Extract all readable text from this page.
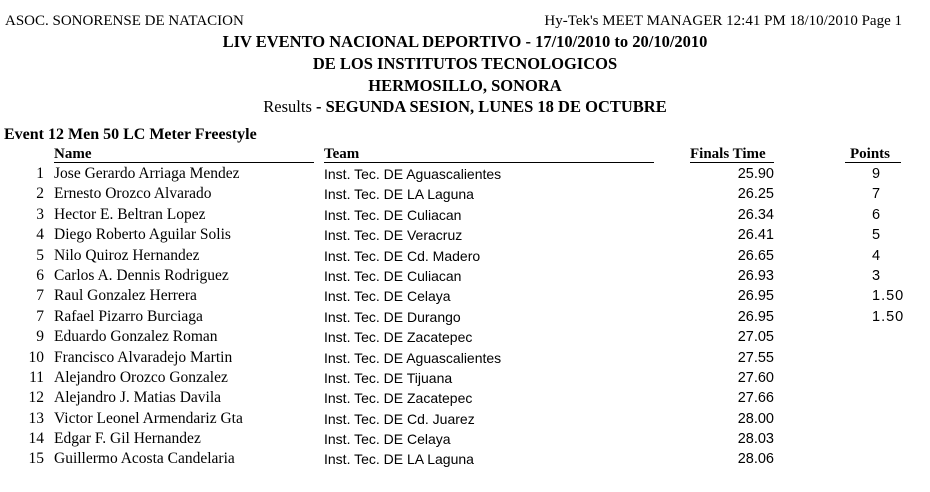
ASOC. SONORENSE DE NATACION	Hy-Tek's MEET MANAGER 12:41 PM 18/10/2010 Page 1
LIV EVENTO NACIONAL DEPORTIVO - 17/10/2010 to 20/10/2010
DE LOS INSTITUTOS TECNOLOGICOS
HERMOSILLO, SONORA
Results - SEGUNDA SESION, LUNES 18 DE OCTUBRE
Event 12 Men 50 LC Meter Freestyle
Name	Team	Finals Time	Points
1 Jose Gerardo Arriaga Mendez	Inst. Tec. DE Aguascalientes	25.90	9
2 Ernesto Orozco Alvarado	Inst. Tec. DE LA Laguna	26.25	7
3 Hector E. Beltran Lopez	Inst. Tec. DE Culiacan	26.34	6
4 Diego Roberto Aguilar Solis	Inst. Tec. DE Veracruz	26.41	5
5 Nilo Quiroz Hernandez	Inst. Tec. DE Cd. Madero	26.65	4
6 Carlos A. Dennis Rodriguez	Inst. Tec. DE Culiacan	26.93	3
7 Raul Gonzalez Herrera	Inst. Tec. DE Celaya	26.95	1.50
7 Rafael Pizarro Burciaga	Inst. Tec. DE Durango	26.95	1.50
9 Eduardo Gonzalez Roman	Inst. Tec. DE Zacatepec	27.05
10 Francisco Alvaradejo Martin	Inst. Tec. DE Aguascalientes	27.55
11 Alejandro Orozco Gonzalez	Inst. Tec. DE Tijuana	27.60
12 Alejandro J. Matias Davila	Inst. Tec. DE Zacatepec	27.66
13 Victor Leonel Armendariz Gta	Inst. Tec. DE Cd. Juarez	28.00
14 Edgar F. Gil Hernandez	Inst. Tec. DE Celaya	28.03
15 Guillermo Acosta Candelaria	Inst. Tec. DE LA Laguna	28.06
